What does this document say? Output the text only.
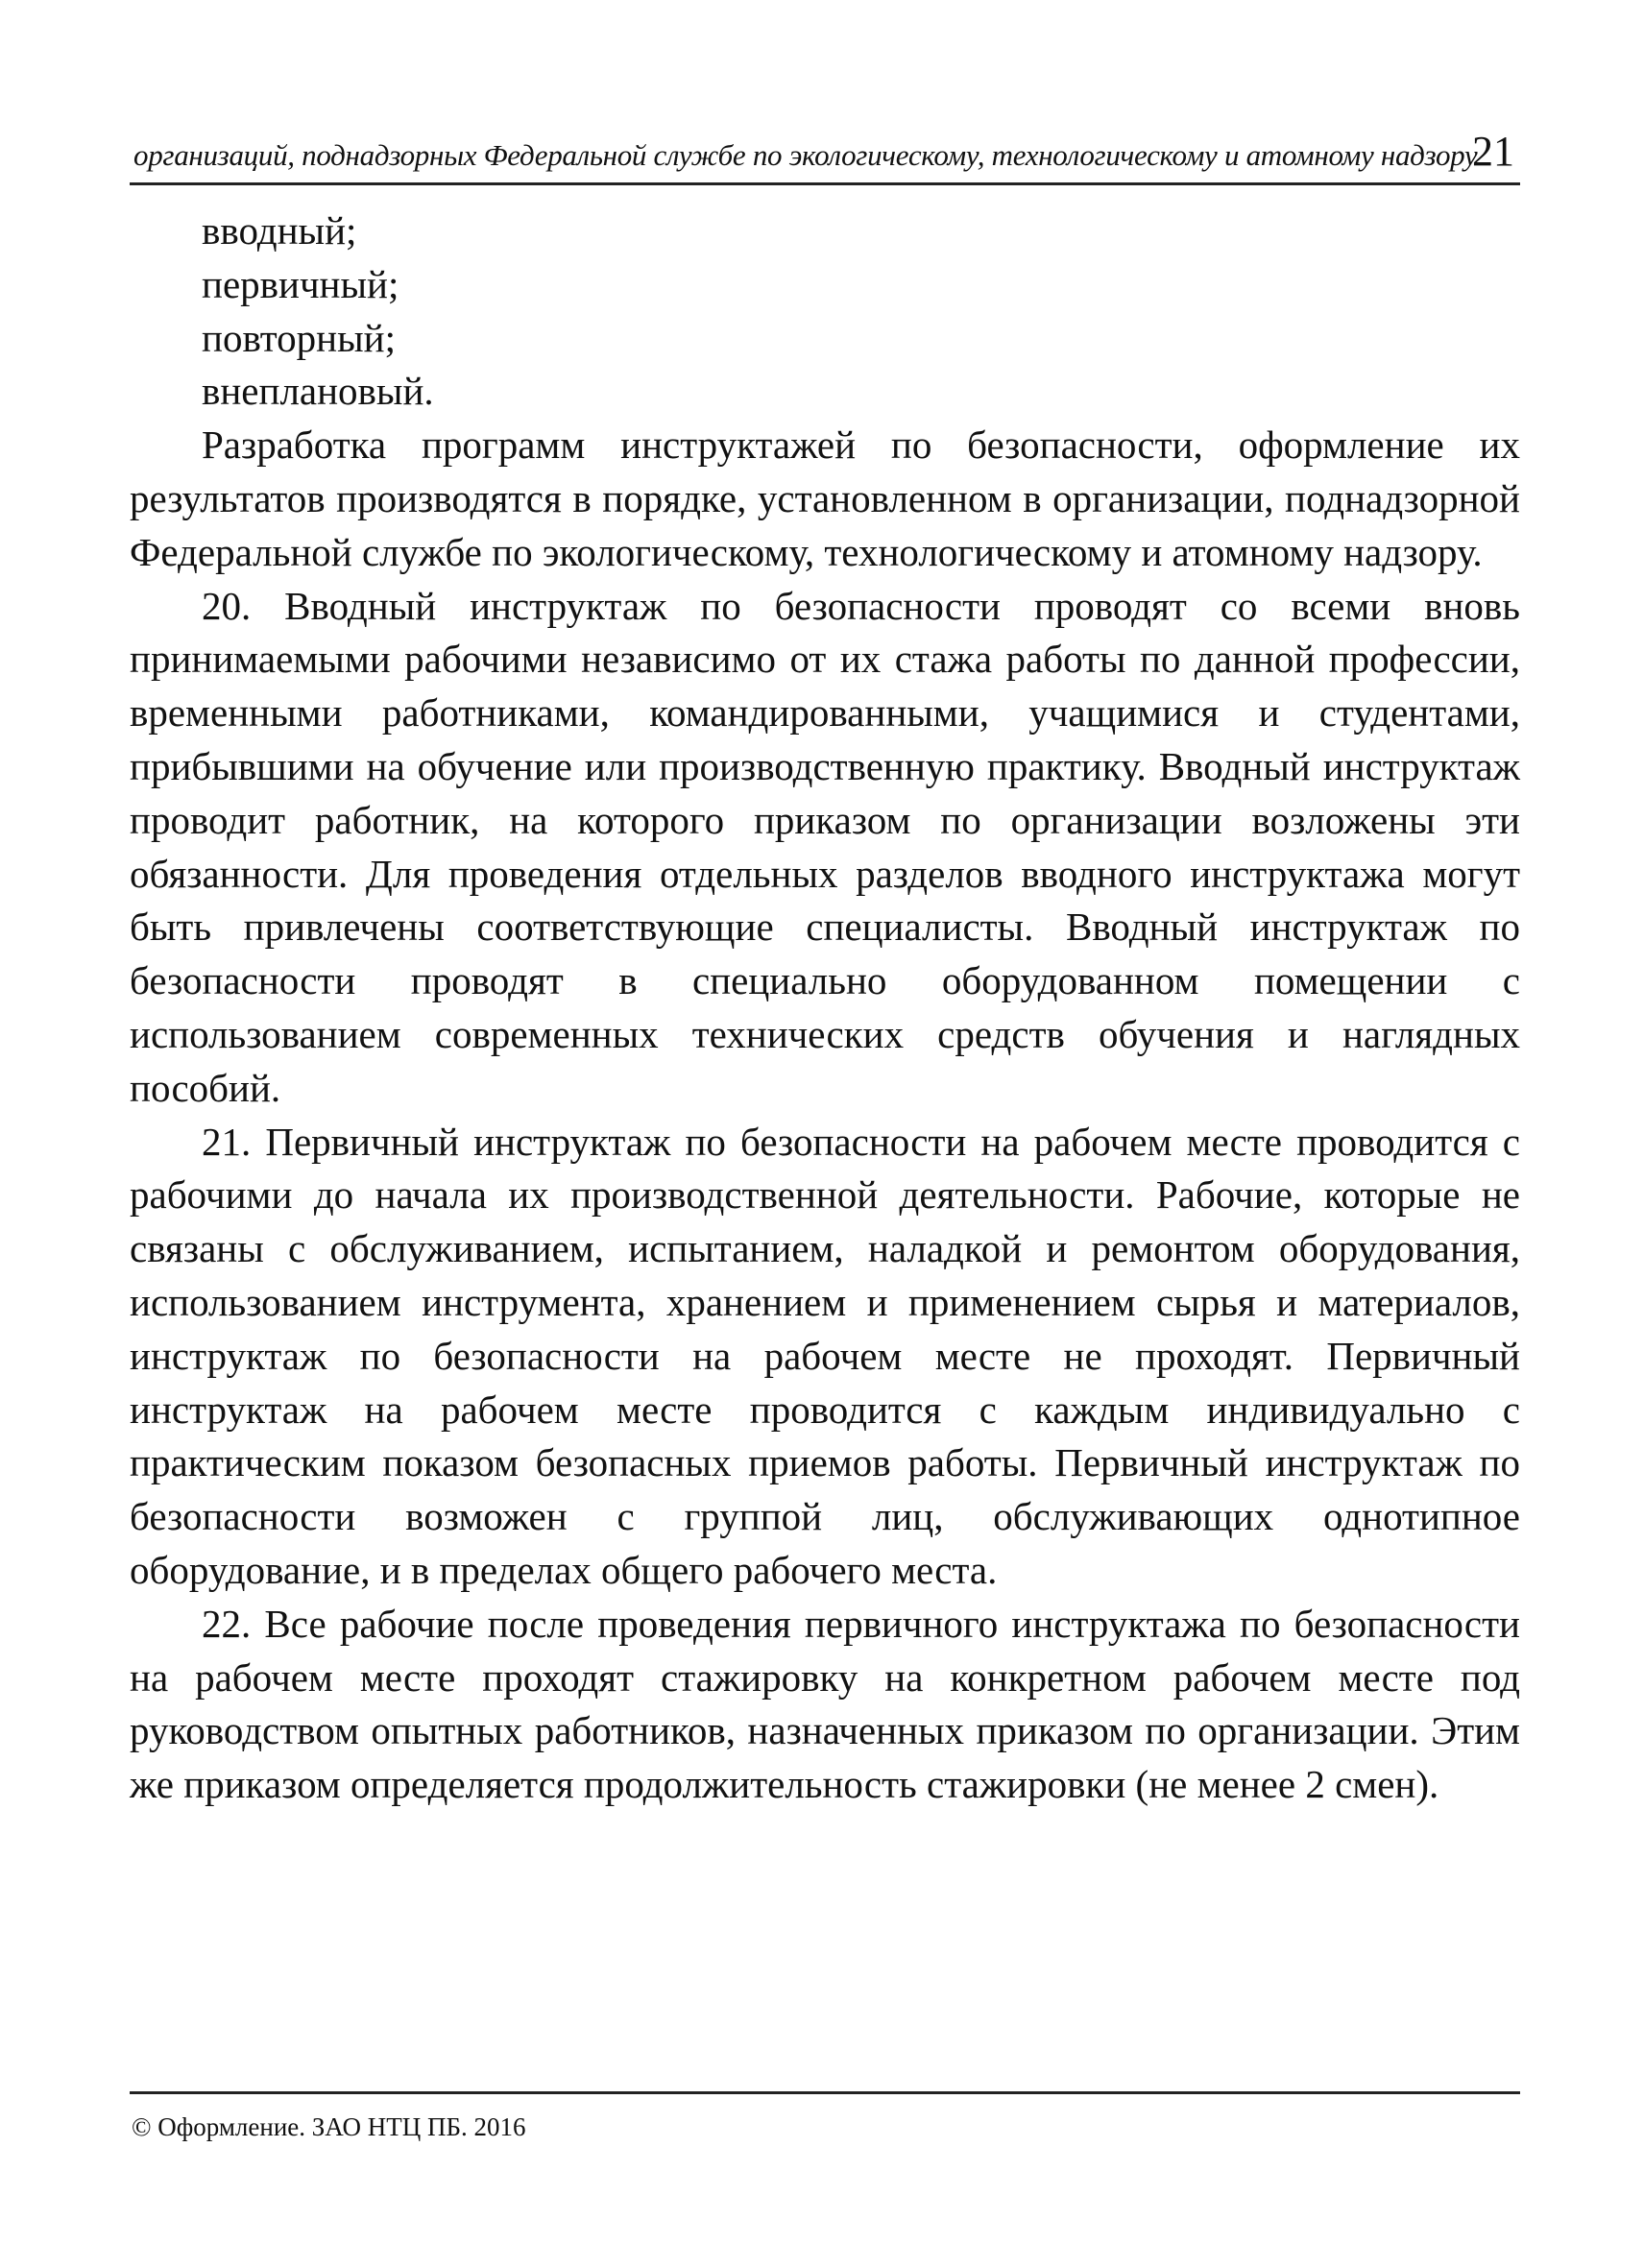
организаций, поднадзорных Федеральной службе по экологическому, технологическому и атомному надзору
21
вводный;
первичный;
повторный;
внеплановый.

Разработка программ инструктажей по безопасности, оформление их результатов производятся в порядке, установленном в организации, поднадзорной Федеральной службе по экологическому, технологическому и атомному надзору.

20. Вводный инструктаж по безопасности проводят со всеми вновь принимаемыми рабочими независимо от их стажа работы по данной профессии, временными работниками, командированными, учащимися и студентами, прибывшими на обучение или производственную практику. Вводный инструктаж проводит работник, на которого приказом по организации возложены эти обязанности. Для проведения отдельных разделов вводного инструктажа могут быть привлечены соответствующие специалисты. Вводный инструктаж по безопасности проводят в специально оборудованном помещении с использованием современных технических средств обучения и наглядных пособий.

21. Первичный инструктаж по безопасности на рабочем месте проводится с рабочими до начала их производственной деятельности. Рабочие, которые не связаны с обслуживанием, испытанием, наладкой и ремонтом оборудования, использованием инструмента, хранением и применением сырья и материалов, инструктаж по безопасности на рабочем месте не проходят. Первичный инструктаж на рабочем месте проводится с каждым индивидуально с практическим показом безопасных приемов работы. Первичный инструктаж по безопасности возможен с группой лиц, обслуживающих однотипное оборудование, и в пределах общего рабочего места.

22. Все рабочие после проведения первичного инструктажа по безопасности на рабочем месте проходят стажировку на конкретном рабочем месте под руководством опытных работников, назначенных приказом по организации. Этим же приказом определяется продолжительность стажировки (не менее 2 смен).

© Оформление. ЗАО НТЦ ПБ. 2016
